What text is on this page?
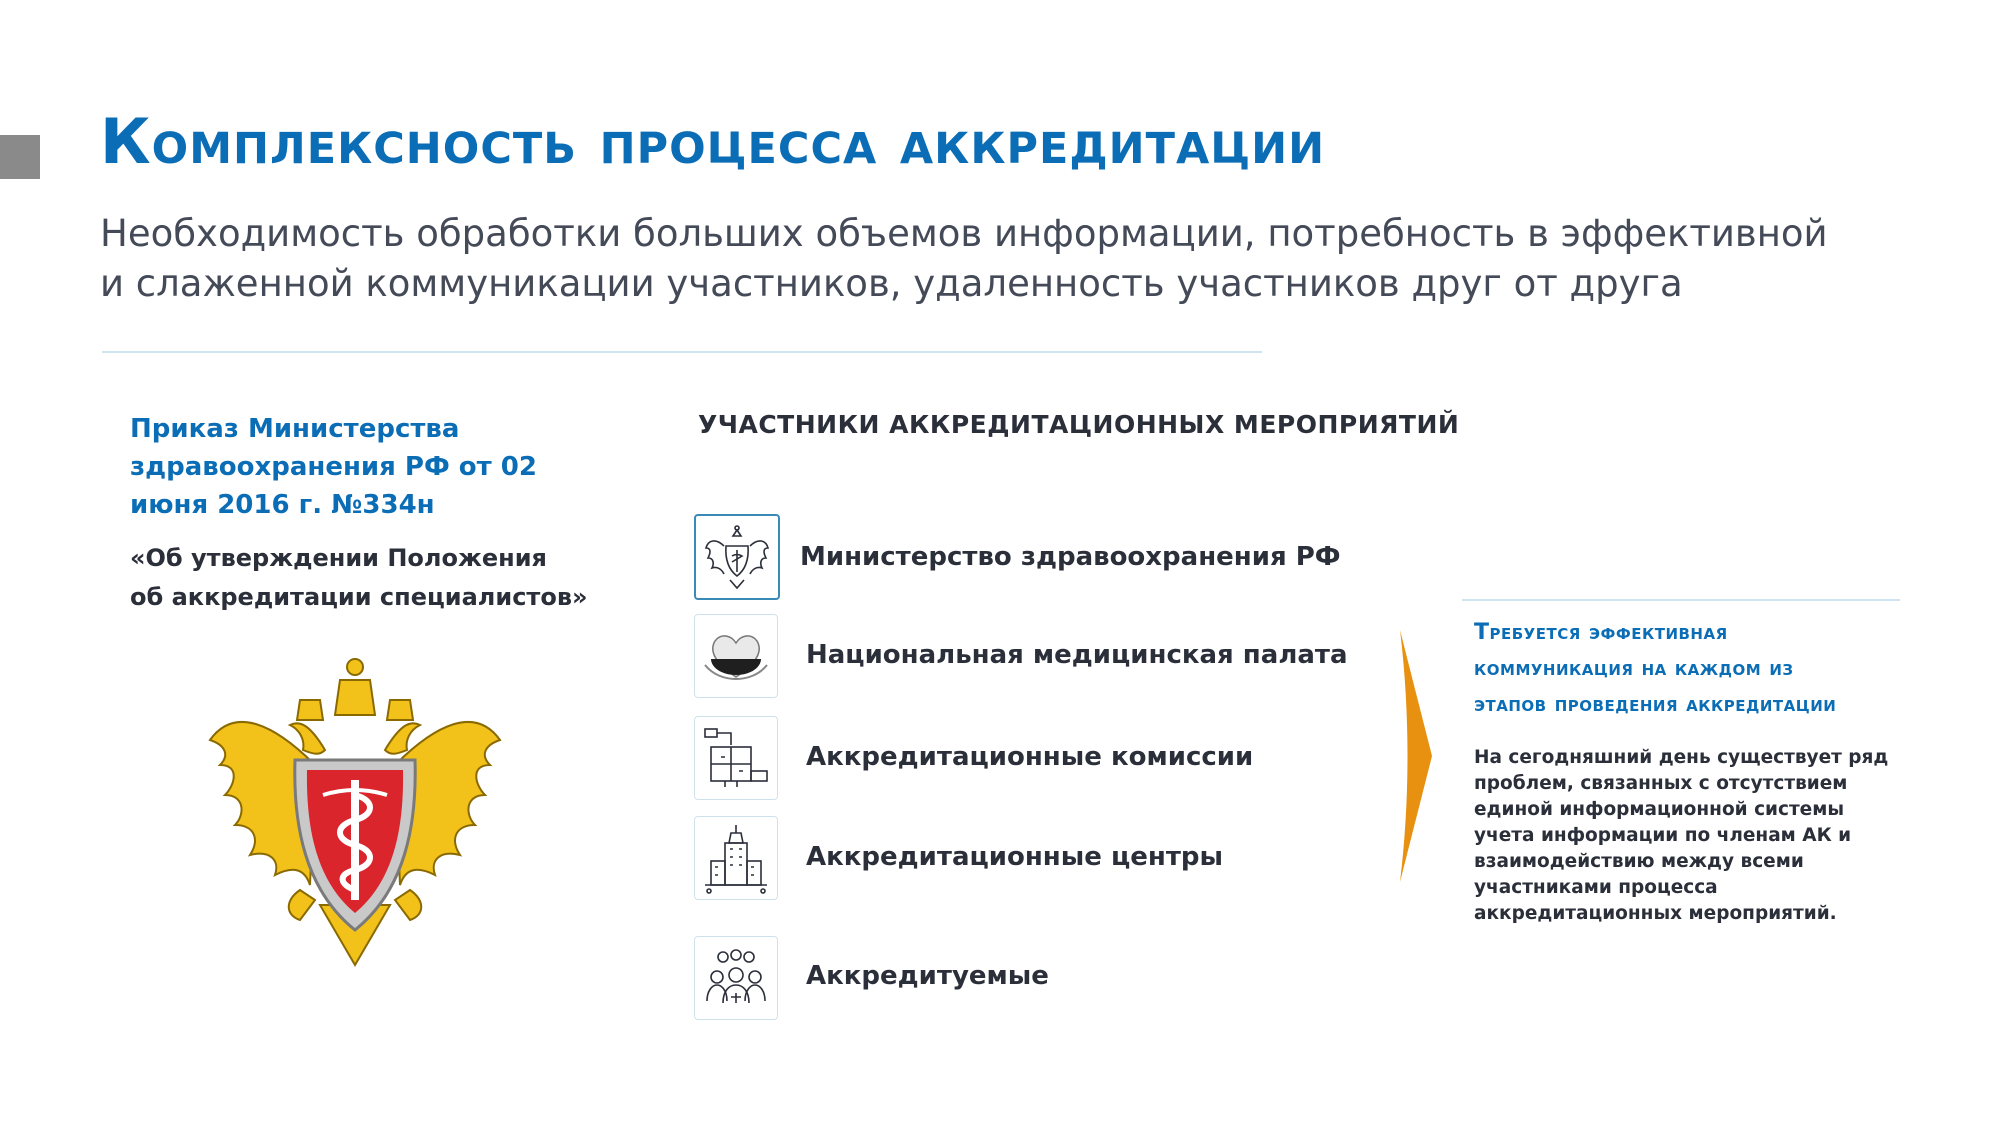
Комплексность процесса аккредитации
Необходимость обработки больших объемов информации, потребность в эффективной
и слаженной коммуникации участников, удаленность участников друг от друга
Приказ Министерства
здравоохранения РФ от 02
июня 2016 г. №334н
«Об утверждении Положения
об аккредитации специалистов»
УЧАСТНИКИ АККРЕДИТАЦИОННЫХ МЕРОПРИЯТИЙ
Министерство здравоохранения РФ
Национальная медицинская палата
Аккредитационные комиссии
Аккредитационные центры
Аккредитуемые
Требуется эффективная
коммуникация на каждом из
этапов проведения аккредитации
На сегодняшний день существует ряд
проблем, связанных с отсутствием
единой информационной системы
учета информации по членам АК и
взаимодействию между всеми
участниками процесса
аккредитационных мероприятий.
